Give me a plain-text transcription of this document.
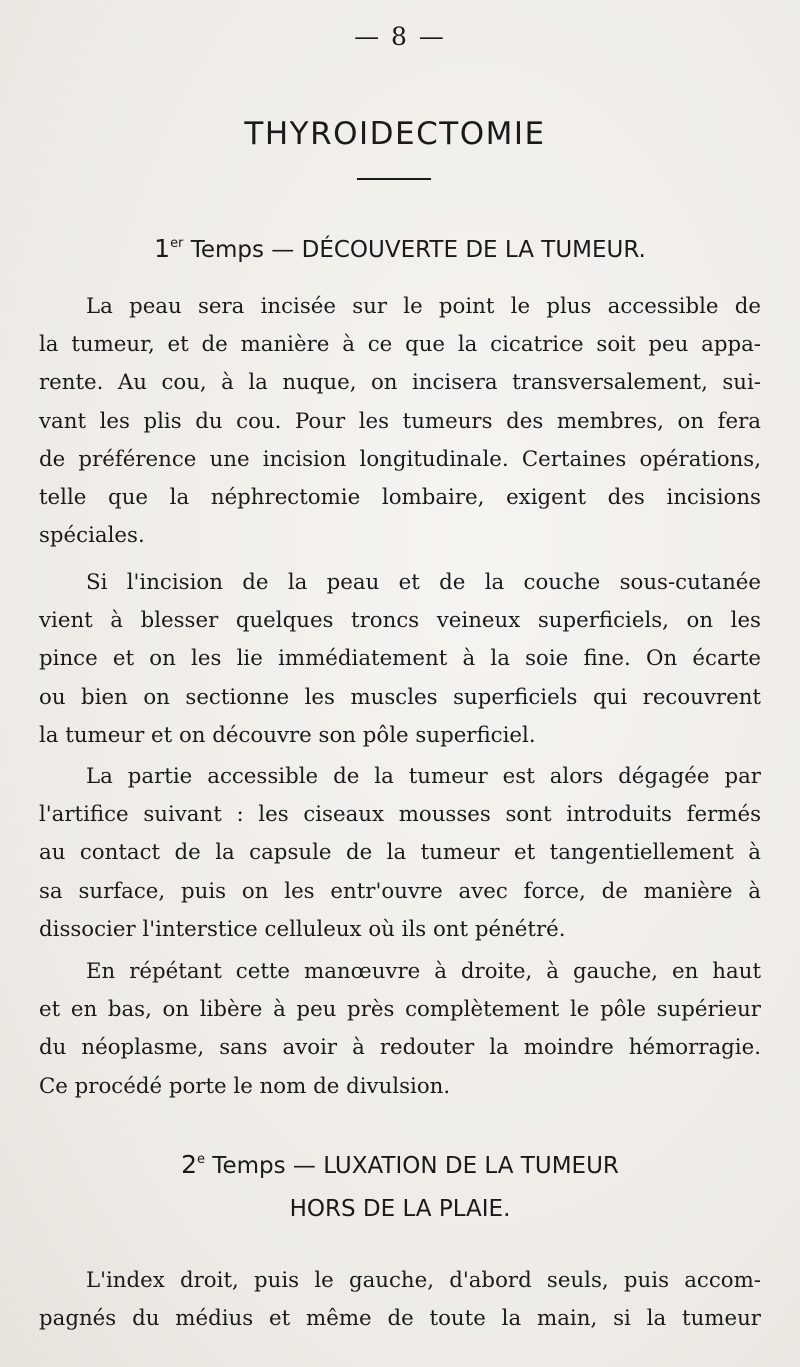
— 8 —
THYROIDECTOMIE
1er Temps — DÉCOUVERTE DE LA TUMEUR.
La peau sera incisée sur le point le plus accessible de
la tumeur, et de manière à ce que la cicatrice soit peu appa-
rente. Au cou, à la nuque, on incisera transversalement, sui-
vant les plis du cou. Pour les tumeurs des membres, on fera
de préférence une incision longitudinale. Certaines opérations,
telle que la néphrectomie lombaire, exigent des incisions
spéciales.
Si l'incision de la peau et de la couche sous-cutanée
vient à blesser quelques troncs veineux superficiels, on les
pince et on les lie immédiatement à la soie fine. On écarte
ou bien on sectionne les muscles superficiels qui recouvrent
la tumeur et on découvre son pôle superficiel.
La partie accessible de la tumeur est alors dégagée par
l'artifice suivant : les ciseaux mousses sont introduits fermés
au contact de la capsule de la tumeur et tangentiellement à
sa surface, puis on les entr'ouvre avec force, de manière à
dissocier l'interstice celluleux où ils ont pénétré.
En répétant cette manœuvre à droite, à gauche, en haut
et en bas, on libère à peu près complètement le pôle supérieur
du néoplasme, sans avoir à redouter la moindre hémorragie.
Ce procédé porte le nom de divulsion.
2e Temps — LUXATION DE LA TUMEUR
HORS DE LA PLAIE.
L'index droit, puis le gauche, d'abord seuls, puis accom-
pagnés du médius et même de toute la main, si la tumeur
